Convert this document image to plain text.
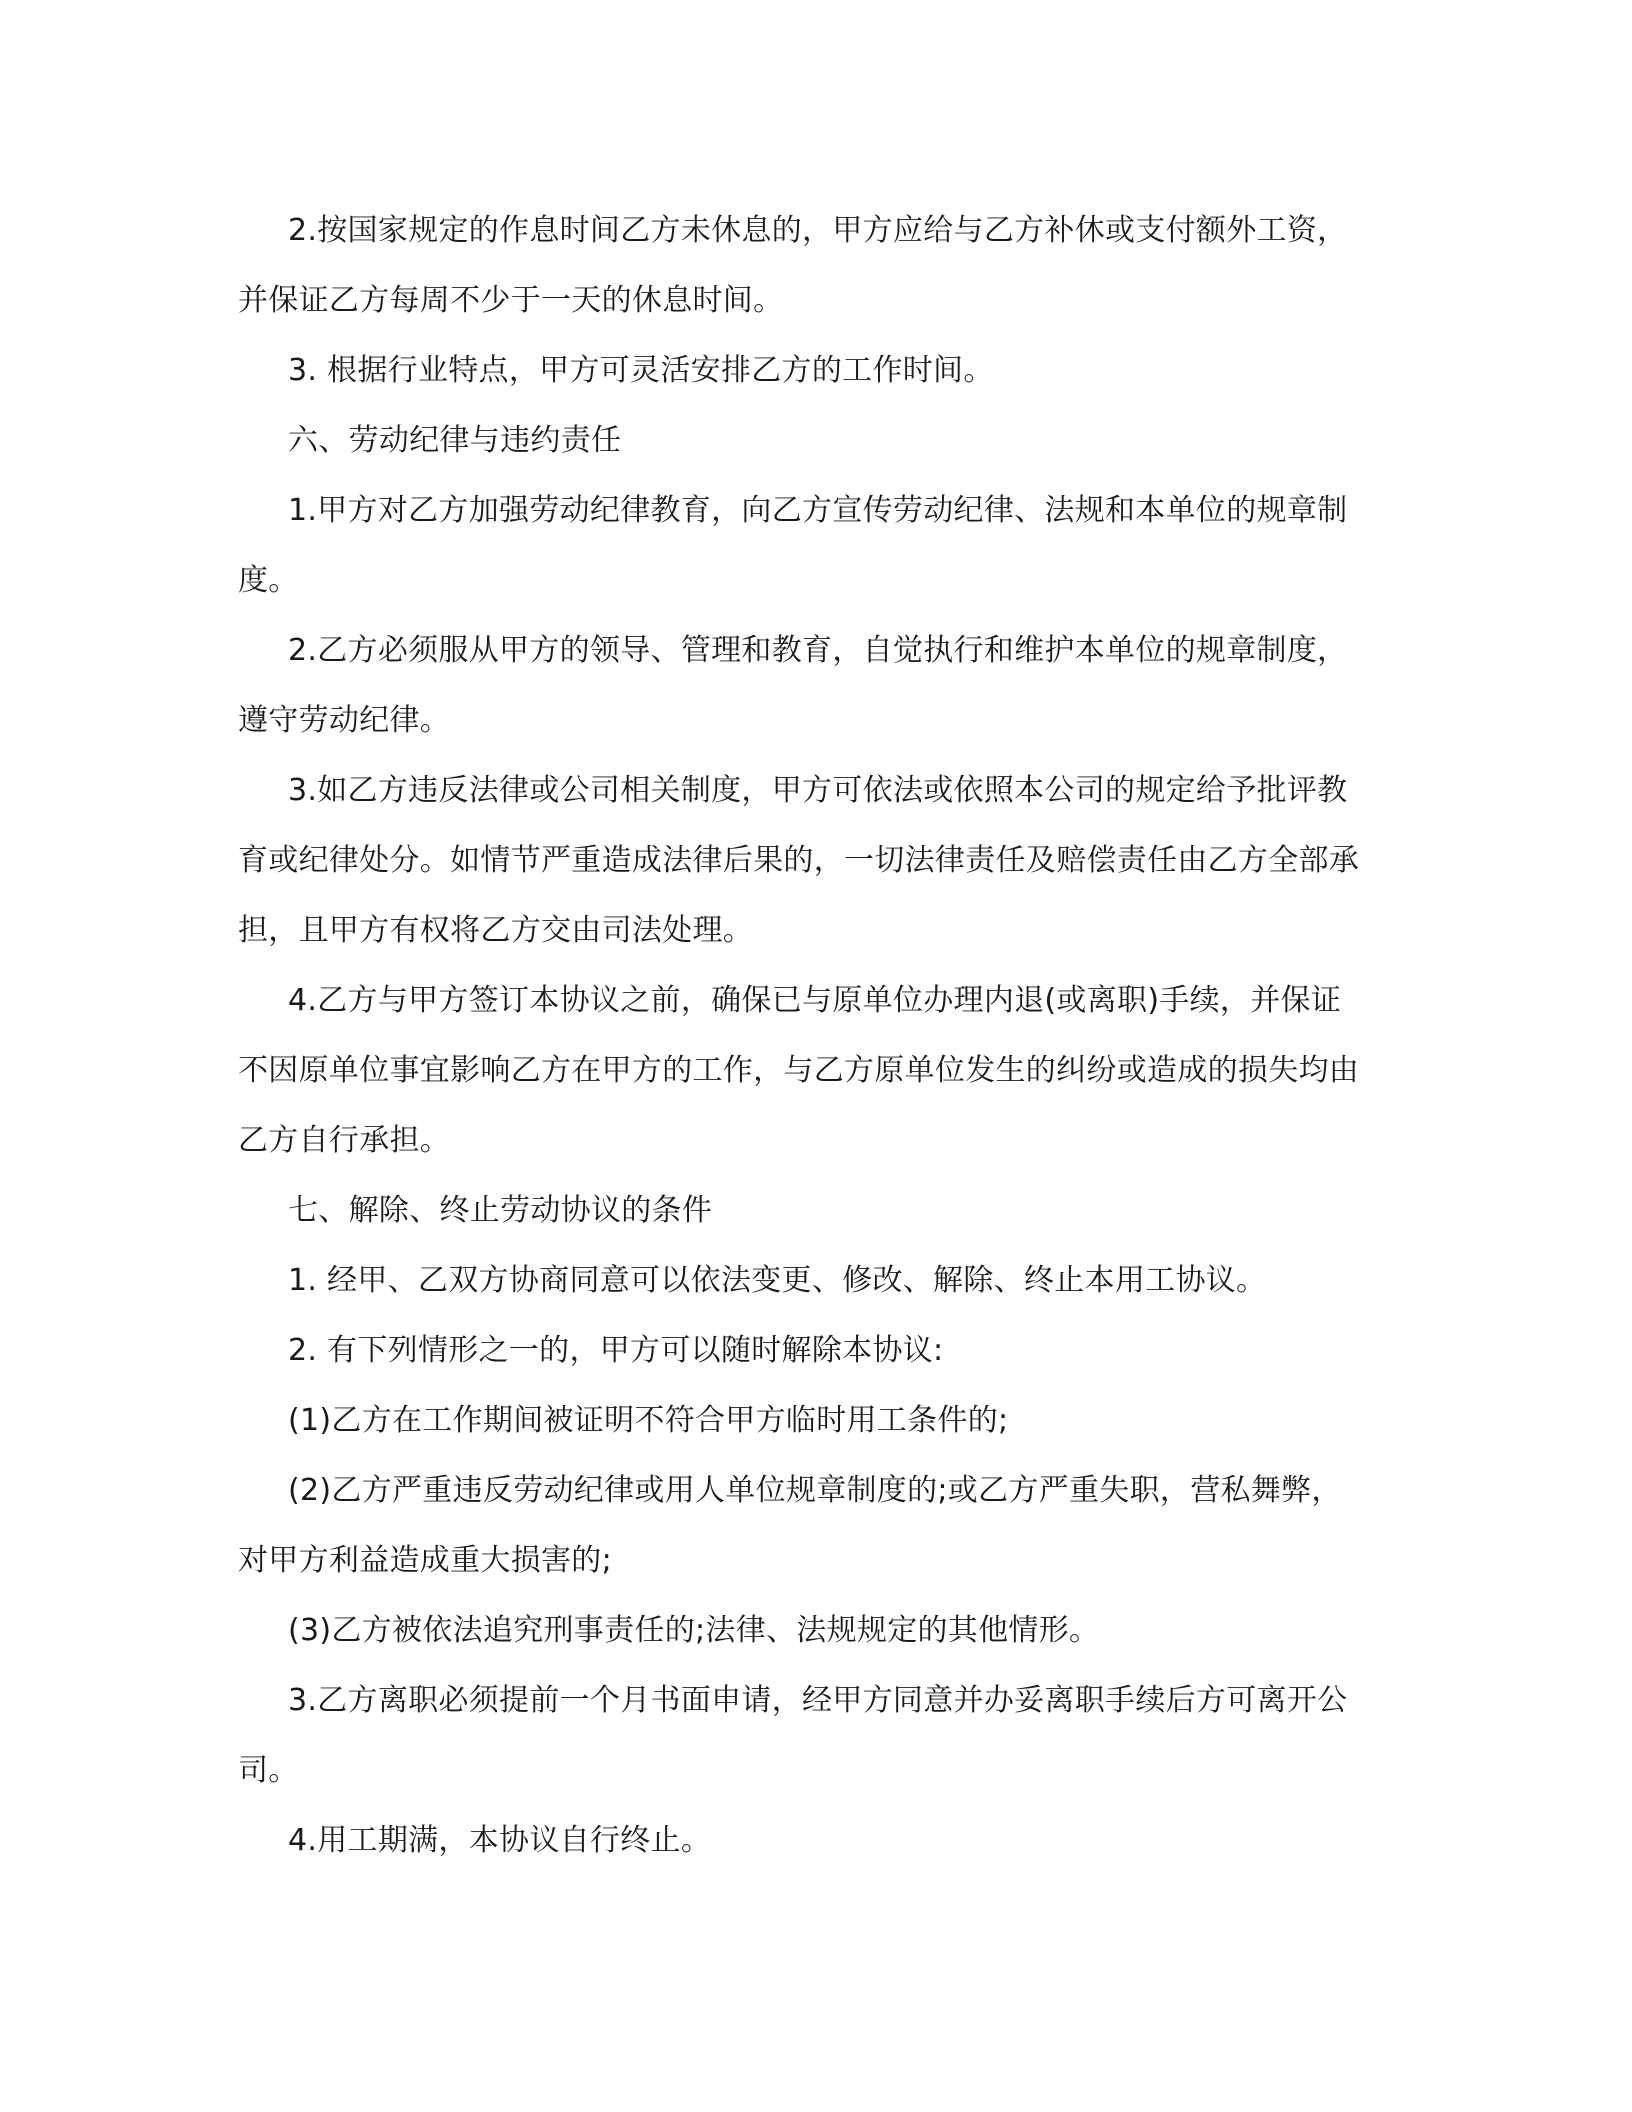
2.按国家规定的作息时间乙方未休息的，甲方应给与乙方补休或支付额外工资，并保证乙方每周不少于一天的休息时间。

3. 根据行业特点，甲方可灵活安排乙方的工作时间。

六、劳动纪律与违约责任

1.甲方对乙方加强劳动纪律教育，向乙方宣传劳动纪律、法规和本单位的规章制度。

2.乙方必须服从甲方的领导、管理和教育，自觉执行和维护本单位的规章制度，遵守劳动纪律。

3.如乙方违反法律或公司相关制度，甲方可依法或依照本公司的规定给予批评教育或纪律处分。如情节严重造成法律后果的，一切法律责任及赔偿责任由乙方全部承担，且甲方有权将乙方交由司法处理。

4.乙方与甲方签订本协议之前，确保已与原单位办理内退(或离职)手续，并保证不因原单位事宜影响乙方在甲方的工作，与乙方原单位发生的纠纷或造成的损失均由乙方自行承担。

七、解除、终止劳动协议的条件

1. 经甲、乙双方协商同意可以依法变更、修改、解除、终止本用工协议。

2. 有下列情形之一的，甲方可以随时解除本协议:

(1)乙方在工作期间被证明不符合甲方临时用工条件的;

(2)乙方严重违反劳动纪律或用人单位规章制度的;或乙方严重失职，营私舞弊，对甲方利益造成重大损害的;

(3)乙方被依法追究刑事责任的;法律、法规规定的其他情形。

3.乙方离职必须提前一个月书面申请，经甲方同意并办妥离职手续后方可离开公司。

4.用工期满，本协议自行终止。
